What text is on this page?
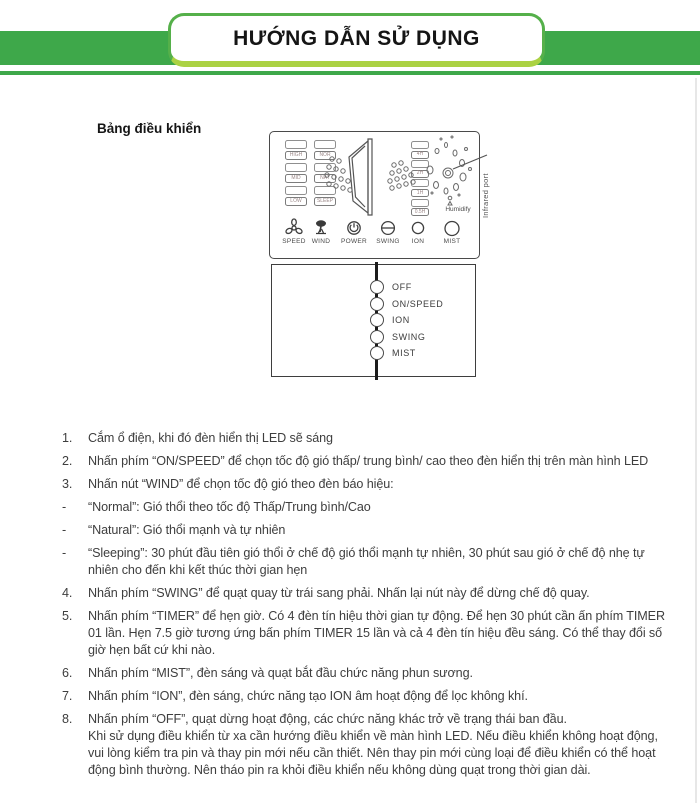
HƯỚNG DẪN SỬ DỤNG
Bảng điều khiển
HIGH
MID
LOW
NOR
NAT
SLEEP
4H
2H
1H
0.5H
SPEED WIND	POWER	SWING	ION	MIST
Humidify	Infrared port
OFF
ON/SPEED
ION
SWING
MIST
1.	Cắm ổ điện, khi đó đèn hiển thị LED sẽ sáng
2.	Nhấn phím “ON/SPEED” để chọn tốc độ gió thấp/ trung bình/ cao theo đèn hiển thị trên màn hình LED
3.	Nhấn nút “WIND” để chọn tốc độ gió theo đèn báo hiệu:
-	“Normal”: Gió thổi theo tốc độ Thấp/Trung bình/Cao
-	“Natural”: Gió thổi mạnh và tự nhiên
-	“Sleeping”: 30 phút đầu tiên gió thổi ở chế độ gió thổi mạnh tự nhiên, 30 phút sau gió ở chế độ nhẹ tự nhiên cho đến khi kết thúc thời gian hẹn
4.	Nhấn phím “SWING” để quạt quay từ trái sang phải. Nhấn lại nút này để dừng chế độ quay.
5.	Nhấn phím “TIMER” để hẹn giờ. Có 4 đèn tín hiệu thời gian tự động. Để hẹn 30 phút cần ấn phím TIMER 01 lần. Hẹn 7.5 giờ tương ứng bấn phím TIMER 15 lần và cả 4 đèn tín hiệu đều sáng. Có thể thay đổi số giờ hẹn bất cứ khi nào.
6.	Nhấn phím “MIST”, đèn sáng và quạt bắt đầu chức năng phun sương.
7.	Nhấn phím “ION”, đèn sáng, chức năng tạo ION âm hoạt động để lọc không khí.
8.	Nhấn phím “OFF”, quạt dừng hoạt động, các chức năng khác trở về trạng thái ban đầu.
Khi sử dụng điều khiển từ xa cần hướng điều khiển về màn hình LED. Nếu điều khiển không hoạt động, vui lòng kiểm tra pin và thay pin mới nếu cần thiết. Nên thay pin mới cùng loại để điều khiển có thể hoạt động bình thường. Nên tháo pin ra khỏi điều khiển nếu không dùng quạt trong thời gian dài.
